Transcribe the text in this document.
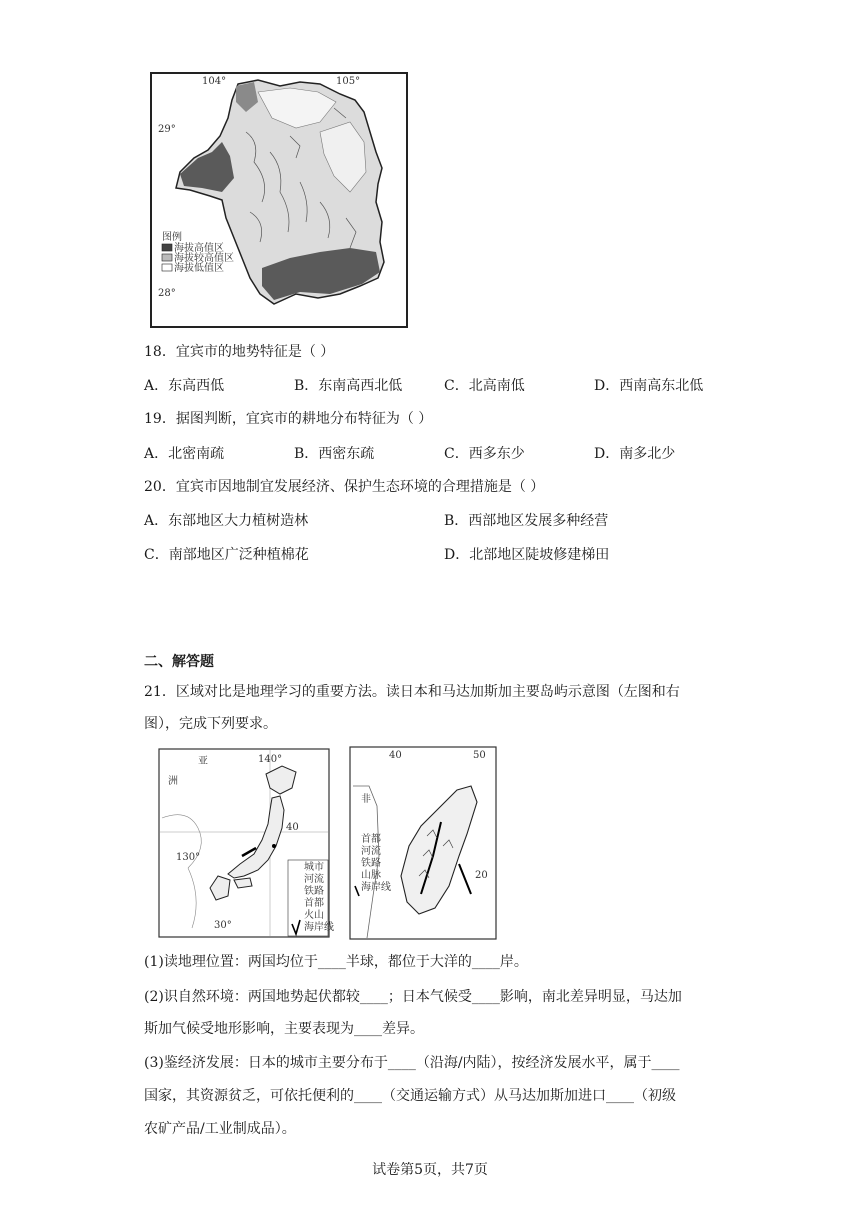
104°	105°
29°
28°
图例
海拔高值区
海拔较高值区
海拔低值区
18．宜宾市的地势特征是（ ）
A．东高西低	B．东南高西北低	C．北高南低	D．西南高东北低
19．据图判断，宜宾市的耕地分布特征为（ ）
A．北密南疏	B．西密东疏	C．西多东少	D．南多北少
20．宜宾市因地制宜发展经济、保护生态环境的合理措施是（ ）
A．东部地区大力植树造林	B．西部地区发展多种经营
C．南部地区广泛种植棉花	D．北部地区陡坡修建梯田
二、解答题
21．区域对比是地理学习的重要方法。读日本和马达加斯加主要岛屿示意图（左图和右
图），完成下列要求。
140°
40
130°
30°
洲
亚
城市
河流
铁路
首都
火山
海岸线
40	50
20
非
首都
河流
铁路
山脉
海岸线
(1)读地理位置：两国均位于____半球，都位于大洋的____岸。
(2)识自然环境：两国地势起伏都较____；日本气候受____影响，南北差异明显，马达加
斯加气候受地形影响，主要表现为____差异。
(3)鉴经济发展：日本的城市主要分布于____（沿海/内陆），按经济发展水平，属于____
国家，其资源贫乏，可依托便利的____（交通运输方式）从马达加斯加进口____（初级
农矿产品/工业制成品）。
试卷第5页，共7页
